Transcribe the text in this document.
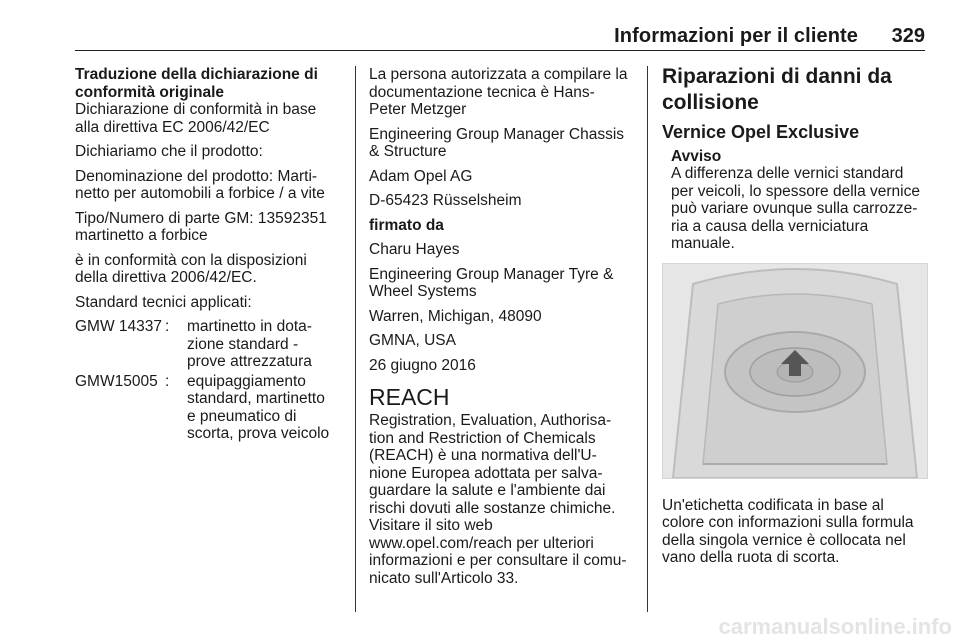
Informazioni per il cliente 329

Traduzione della dichiarazione di
conformità originale

Dichiarazione di conformità in base
alla direttiva EC 2006/42/EC

Dichiariamo che il prodotto:

Denominazione del prodotto: Marti-
netto per automobili a forbice / a vite

Tipo/Numero di parte GM: 13592351
martinetto a forbice

è in conformità con la disposizioni
della direttiva 2006/42/EC.

Standard tecnici applicati:

GMW 14337 :	martinetto in dota-
zione standard -
prove attrezzatura
GMW15005 :	equipaggiamento
standard, martinetto
e pneumatico di
scorta, prova veicolo

La persona autorizzata a compilare la
documentazione tecnica è Hans-
Peter Metzger

Engineering Group Manager Chassis
& Structure

Adam Opel AG

D-65423 Rüsselsheim

firmato da

Charu Hayes

Engineering Group Manager Tyre &
Wheel Systems

Warren, Michigan, 48090

GMNA, USA

26 giugno 2016

REACH

Registration, Evaluation, Authorisa-
tion and Restriction of Chemicals
(REACH) è una normativa dell'U-
nione Europea adottata per salva-
guardare la salute e l'ambiente dai
rischi dovuti alle sostanze chimiche.
Visitare il sito web
www.opel.com/reach per ulteriori
informazioni e per consultare il comu-
nicato sull'Articolo 33.

Riparazioni di danni da
collisione
Vernice Opel Exclusive
Avviso

A differenza delle vernici standard
per veicoli, lo spessore della vernice
può variare ovunque sulla carrozze-
ria a causa della verniciatura
manuale.

Un'etichetta codificata in base al
colore con informazioni sulla formula
della singola vernice è collocata nel
vano della ruota di scorta.

carmanualsonline.info
